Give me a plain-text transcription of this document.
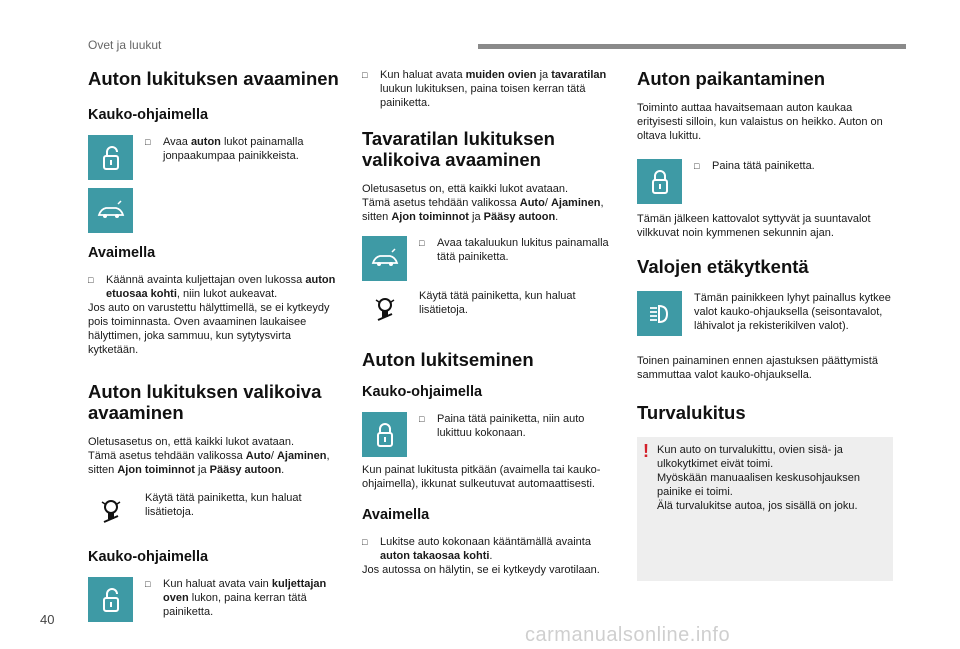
Ovet ja luukut
Auton lukituksen avaaminen
Kauko-ohjaimella

□ Avaa auton lukot painamalla jonpaakumpaa painikkeista.

Avaimella

□ Käännä avainta kuljettajan oven lukossa auton etuosaa kohti, niin lukot aukeavat.

Jos auto on varustettu hälyttimellä, se ei kytkeydy pois toiminnasta. Oven avaaminen laukaisee hälyttimen, joka sammuu, kun sytytysvirta kytketään.

Auton lukituksen valikoiva avaaminen

Oletusasetus on, että kaikki lukot avataan.

Tämä asetus tehdään valikossa Auto/ Ajaminen, sitten Ajon toiminnot ja Pääsy autoon.

Käytä tätä painiketta, kun haluat lisätietoja.

Kauko-ohjaimella

□ Kun haluat avata vain kuljettajan oven lukon, paina kerran tätä painiketta.

□ Kun haluat avata muiden ovien ja tavaratilan luukun lukituksen, paina toisen kerran tätä painiketta.

Tavaratilan lukituksen valikoiva avaaminen

Oletusasetus on, että kaikki lukot avataan.

Tämä asetus tehdään valikossa Auto/ Ajaminen, sitten Ajon toiminnot ja Pääsy autoon.

□ Avaa takaluukun lukitus painamalla tätä painiketta.

Käytä tätä painiketta, kun haluat lisätietoja.

Auton lukitseminen
Kauko-ohjaimella

□ Paina tätä painiketta, niin auto lukittuu kokonaan.

Kun painat lukitusta pitkään (avaimella tai kauko-ohjaimella), ikkunat sulkeutuvat automaattisesti.

Avaimella

□ Lukitse auto kokonaan kääntämällä avainta auton takaosaa kohti.

Jos autossa on hälytin, se ei kytkeydy varotilaan.

Auton paikantaminen

Toiminto auttaa havaitsemaan auton kaukaa erityisesti silloin, kun valaistus on heikko. Auton on oltava lukittu.

□ Paina tätä painiketta.

Tämän jälkeen kattovalot syttyvät ja suuntavalot vilkkuvat noin kymmenen sekunnin ajan.

Valojen etäkytkentä

Tämän painikkeen lyhyt painallus kytkee valot kauko-ohjauksella (seisontavalot, lähivalot ja rekisterikilven valot).

Toinen painaminen ennen ajastuksen päättymistä sammuttaa valot kauko-ohjauksella.

Turvalukitus
! Kun auto on turvalukittu, ovien sisä- ja ulkokytkimet eivät toimi.

Myöskään manuaalisen keskusohjauksen painike ei toimi.

Älä turvalukitse autoa, jos sisällä on joku.

40
carmanualsonline.info
